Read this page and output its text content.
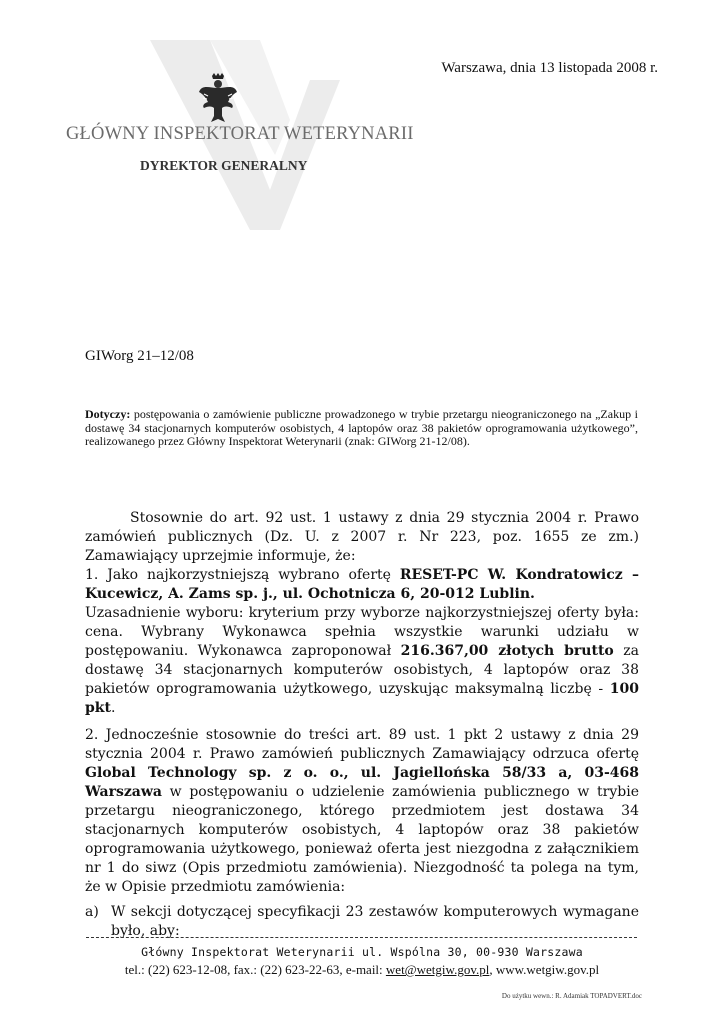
Warszawa, dnia 13 listopada 2008 r.
GŁÓWNY INSPEKTORAT WETERYNARII
DYREKTOR GENERALNY
GIWorg 21–12/08
Dotyczy: postępowania o zamówienie publiczne prowadzonego w trybie przetargu nieograniczonego na „Zakup i dostawę 34 stacjonarnych komputerów osobistych, 4 laptopów oraz 38 pakietów oprogramowania użytkowego”, realizowanego przez Główny Inspektorat Weterynarii (znak: GIWorg 21-12/08).

Stosownie do art. 92 ust. 1 ustawy z dnia 29 stycznia 2004 r. Prawo zamówień publicznych (Dz. U. z 2007 r. Nr 223, poz. 1655 ze zm.) Zamawiający uprzejmie informuje, że:

1. Jako najkorzystniejszą wybrano ofertę RESET-PC W. Kondratowicz – Kucewicz, A. Zams sp. j., ul. Ochotnicza 6, 20-012 Lublin.

Uzasadnienie wyboru: kryterium przy wyborze najkorzystniejszej oferty była: cena. Wybrany Wykonawca spełnia wszystkie warunki udziału w postępowaniu. Wykonawca zaproponował 216.367,00 złotych brutto za dostawę 34 stacjonarnych komputerów osobistych, 4 laptopów oraz 38 pakietów oprogramowania użytkowego, uzyskując maksymalną liczbę - 100 pkt.

2. Jednocześnie stosownie do treści art. 89 ust. 1 pkt 2 ustawy z dnia 29 stycznia 2004 r. Prawo zamówień publicznych Zamawiający odrzuca ofertę Global Technology sp. z o. o., ul. Jagiellońska 58/33 a, 03-468 Warszawa w postępowaniu o udzielenie zamówienia publicznego w trybie przetargu nieograniczonego, którego przedmiotem jest dostawa 34 stacjonarnych komputerów osobistych, 4 laptopów oraz 38 pakietów oprogramowania użytkowego, ponieważ oferta jest niezgodna z załącznikiem nr 1 do siwz (Opis przedmiotu zamówienia). Niezgodność ta polega na tym, że w Opisie przedmiotu zamówienia:

a) W sekcji dotyczącej specyfikacji 23 zestawów komputerowych wymagane było, aby:
Główny Inspektorat Weterynarii ul. Wspólna 30, 00-930 Warszawa
tel.: (22) 623-12-08, fax.: (22) 623-22-63, e-mail: wet@wetgiw.gov.pl, www.wetgiw.gov.pl
Do użytku wewn.: R. Adamiak TOPADVERT.doc
